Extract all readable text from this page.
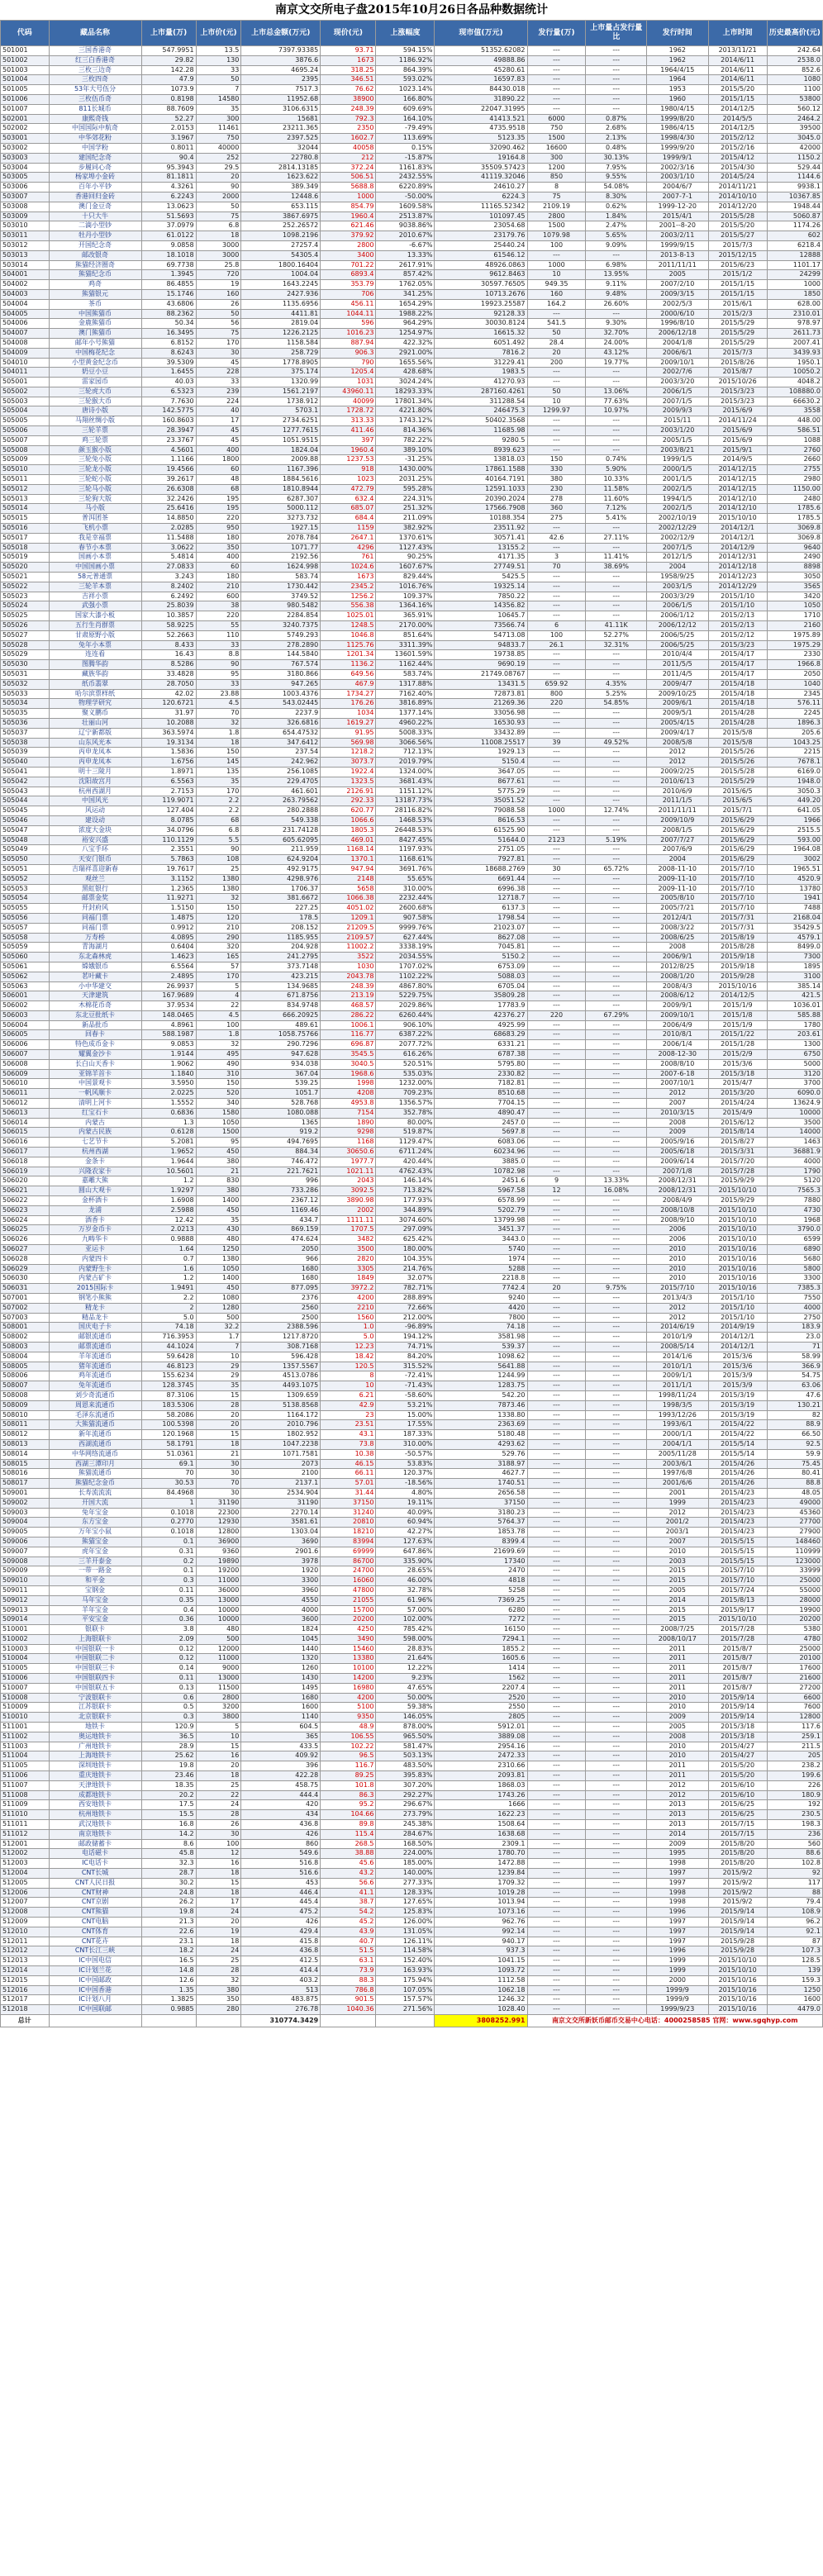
南京文交所电子盘2015年10月26日各品种数据统计
代码	藏品名称	上市量(万)	上市价(元)	上市总金额(万元)	现价(元)	上涨幅度	现市值(万元)	发行量(万)	上市量占发行量比	发行时间	上市时间	历史最高价(元)
501001	三国香港奇	547.9951	13.5	7397.93385	93.71	594.15%	51352.62082	---	---	1962	2013/11/21	242.64
501002	红三白香港奇	29.82	130	3876.6	1673	1186.92%	49888.86	---	---	1962	2014/6/11	2538.0
501003	三枚三边奇	142.28	33	4695.24	318.25	864.39%	45280.61	---	---	1964/4/15	2014/6/11	852.6
501004	三枚四奇	47.9	50	2395	346.51	593.02%	16597.83	---	---	1964	2014/6/11	1080
501005	53年大号伍分	1073.9	7	7517.3	76.62	1023.14%	84430.018	---	---	1953	2015/5/20	1100
501006	三枚伍币奇	0.8198	14580	11952.68	38900	166.80%	31890.22	---	---	1960	2015/1/15	53800
501007	811长城币	88.7609	35	3106.6315	248.39	609.69%	22047.31995	---	---	1980/4/15	2014/12/5	560.12
502001	康熙奇钱	52.27	300	15681	792.3	164.10%	41413.521	6000	0.87%	1999/8/20	2014/5/5	2464.2
502002	中国国际中航奇	2.0153	11461	23211.365	2350	-79.49%	4735.9518	750	2.68%	1986/4/15	2014/12/5	39500
503001	中华郊花粉	3.1967	750	2397.525	1602.7	113.69%	5123.35	1500	2.13%	1998/4/30	2015/2/12	3045.0
503002	中国学粉	0.8011	40000	32044	40058	0.15%	32090.462	16600	0.48%	1999/9/20	2015/2/16	42000
503003	建国纪念奇	90.4	252	22780.8	212	-15.87%	19164.8	300	30.13%	1999/9/1	2015/4/12	1150.2
503004	步履同心奇	95.3943	29.5	2814.13185	372.24	1161.83%	35509.57423	1200	7.95%	2002/3/16	2015/4/30	529.44
503005	杨家埠小金砖	81.1811	20	1623.622	506.51	2432.55%	41119.32046	850	9.55%	2003/1/10	2014/5/24	1144.6
503006	百年小平钞	4.3261	90	389.349	5688.8	6220.89%	24610.27	8	54.08%	2004/6/7	2014/11/21	9938.1
503007	香港回归金砖	6.2243	2000	12448.6	1000	-50.00%	6224.3	75	8.30%	2007-7-1	2014/10/10	10367.85
503008	澳门金豆奇	13.0623	50	653.115	854.79	1609.58%	11165.52342	2109.19	0.62%	1999-12-20	2014/12/20	1948.44
503009	十只大牛	51.5693	75	3867.6975	1960.4	2513.87%	101097.45	2800	1.84%	2015/4/1	2015/5/28	5060.87
503010	二滴小型钞	37.0979	6.8	252.26572	621.46	9038.86%	23054.68	1500	2.47%	2001--8-20	2015/5/20	1174.26
503011	牡丹小型钞	61.0122	18	1098.2196	379.92	2010.67%	23179.76	1079.98	5.65%	2003/2/11	2015/5/27	602
503012	开国纪念奇	9.0858	3000	27257.4	2800	-6.67%	25440.24	100	9.09%	1999/9/15	2015/7/3	6218.4
503013	邮改银奇	18.1018	3000	54305.4	3400	13.33%	61546.12	---	---	2013-8-13	2015/12/15	12888
503014	熊猫经济圈奇	69.7738	25.8	1800.16404	701.22	2617.91%	48926.0863	1000	6.98%	2011/11/11	2015/6/23	1101.17
504001	熊猫纪念币	1.3945	720	1004.04	6893.4	857.42%	9612.8463	10	13.95%	2005	2015/1/2	24299
504002	鸡奇	86.4855	19	1643.2245	353.79	1762.05%	30597.76505	949.35	9.11%	2007/2/10	2015/1/15	1000
504003	熊猫银元	15.1746	160	2427.936	706	341.25%	10713.2676	160	9.48%	2009/3/15	2015/1/15	1850
504004	茶币	43.6806	26	1135.6956	456.11	1654.29%	19923.25587	164.2	26.60%	2002/5/3	2015/6/1	628.00
504005	中国熊猫币	88.2362	50	4411.81	1044.11	1988.22%	92128.33	---	---	2000/6/10	2015/2/3	2310.01
504006	金鹿熊猫币	50.34	56	2819.04	596	964.29%	30030.8124	541.5	9.30%	1996/8/10	2015/5/29	978.97
504007	澳门熊猫币	16.3495	75	1226.2125	1016.23	1254.97%	16615.32	50	32.70%	2006/12/18	2015/5/29	2611.73
504008	邮年小号熊猫	6.8152	170	1158.584	887.94	422.32%	6051.492	28.4	24.00%	2004/1/8	2015/5/29	2007.41
504009	中国梅花纪念	8.6243	30	258.729	906.3	2921.00%	7816.2	20	43.12%	2006/6/1	2015/7/3	3439.93
504010	小型黄金纪念币	39.5309	45	1778.8905	790	1655.56%	31229.41	200	19.77%	2009/10/1	2015/8/26	1950.1
504011	奶豆小豆	1.6455	228	375.174	1205.4	428.68%	1983.5	---	---	2002/7/6	2015/8/7	10050.2
505001	雷家园币	40.03	33	1320.99	1031	3024.24%	41270.93	---	---	2003/3/20	2015/10/26	4048.2
505002	三轮虎大币	6.5323	239	1561.2197	43960.11	18293.33%	287160.4261	50	13.06%	2006/1/5	2015/3/23	108880.0
505003	三轮猴大币	7.7630	224	1738.912	40099	17801.34%	311288.54	10	77.63%	2007/1/5	2015/3/23	66630.2
505004	唐诗小版	142.5775	40	5703.1	1728.72	4221.80%	246475.3	1299.97	10.97%	2009/9/3	2015/6/9	3558
505005	马翔丝绸小版	160.8603	17	2734.6251	313.33	1743.12%	50402.3568	---	---	2015/11	2014/11/24	448.00
505006	三轮羊票	28.3947	45	1277.7615	411.46	814.36%	11685.98	---	---	2003/1/20	2015/6/9	586.51
505007	鸡三轮票	23.3767	45	1051.9515	397	782.22%	9280.5	---	---	2005/1/5	2015/6/9	1088
505008	颜玉猴小版	4.5601	400	1824.04	1960.4	389.10%	8939.623	---	---	2003/8/21	2015/9/1	2760
505009	三轮兔小版	1.1166	1800	2009.88	1237.53	-31.25%	13818.03	150	0.74%	1999/1/5	2014/9/5	2660
505010	三轮龙小版	19.4566	60	1167.396	918	1430.00%	17861.1588	330	5.90%	2000/1/5	2014/12/15	2755
505011	三轮蛇小版	39.2617	48	1884.5616	1023	2031.25%	40164.7191	380	10.33%	2001/1/5	2014/12/15	2980
505012	三轮马小版	26.6308	68	1810.8944	472.79	595.28%	12591.1033	230	11.58%	2002/1/5	2014/12/15	1150.00
505013	三轮狗大版	32.2426	195	6287.307	632.4	224.31%	20390.2024	278	11.60%	1994/1/5	2014/12/10	2480
505014	马小版	25.6416	195	5000.112	685.07	251.32%	17566.7908	360	7.12%	2002/1/5	2014/12/10	1785.6
505015	普洱团茶	14.8850	220	3273.732	684.4	211.09%	10188.354	275	5.41%	2002/10/19	2015/10/10	1785.5
505016	飞机小票	2.0285	950	1927.15	1159	382.92%	23511.92	---	---	2002/12/29	2014/12/1	3069.8
505017	我是幸福票	11.5488	180	2078.784	2647.1	1370.61%	30571.41	42.6	27.11%	2002/12/9	2014/12/1	3069.8
505018	春节小本票	3.0622	350	1071.77	4296	1127.43%	13155.2	---	---	2007/1/5	2014/12/9	9640
505019	国画小本票	5.4814	400	2192.56	761	90.25%	4171.35	3	11.41%	2012/1/5	2014/12/31	2490
505020	中国国画小票	27.0833	60	1624.998	1024.6	1607.67%	27749.51	70	38.69%	2004	2014/12/18	8898
505021	58元普通票	3.243	180	583.74	1673	829.44%	5425.5	---	---	1958/9/25	2014/12/23	3050
505022	三轮羊本票	8.2402	210	1730.442	2345.2	1016.76%	19325.14	---	---	2003/1/5	2014/12/29	3565
505023	吉祥小票	6.2492	600	3749.52	1256.2	109.37%	7850.22	---	---	2003/3/29	2015/1/10	3420
505024	武强小票	25.8039	38	980.5482	556.38	1364.16%	14356.82	---	---	2006/1/5	2015/1/10	1050
505025	国家大漆小板	10.3857	220	2284.854	1025.01	365.91%	10645.7	---	---	2006/1/12	2015/2/13	1710
505026	五行生肖群票	58.9225	55	3240.7375	1248.5	2170.00%	73566.74	6	41.11K	2006/12/12	2015/2/13	2160
505027	甘肃原野小版	52.2663	110	5749.293	1046.8	851.64%	54713.08	100	52.27%	2006/5/25	2015/2/12	1975.89
505028	兔年小本票	8.433	33	278.2890	1125.76	3311.39%	94833.7	26.1	32.31%	2006/5/25	2015/3/23	1975.29
505029	连连看	16.43	8.8	144.5840	1201.34	13601.59%	19738.85	---	---	2010/4/4	2015/4/17	2330
505030	图腾华韵	8.5286	90	767.574	1136.2	1162.44%	9690.19	---	---	2011/5/5	2015/4/17	1966.8
505031	藏族华韵	33.4828	95	3180.866	649.56	583.74%	21749.08767	---	---	2011/4/5	2015/4/17	2050
505032	纸币翡翠	28.7050	33	947.265	467.9	1317.88%	13431.5	659.92	4.35%	2009/4/7	2015/4/18	1040
505033	哈尔滨票样纸	42.02	23.88	1003.4376	1734.27	7162.40%	72873.81	800	5.25%	2009/10/25	2015/4/18	2345
505034	物理学研究	120.6721	4.5	543.02445	176.26	3816.89%	21269.36	220	54.85%	2009/6/1	2015/4/18	576.11
505035	聚义鹏币	31.97	70	2237.9	1034	1377.14%	33056.98	---	---	2009/5/1	2015/4/28	2245
505036	壮丽山河	10.2088	32	326.6816	1619.27	4960.22%	16530.93	---	---	2005/4/15	2015/4/28	1896.3
505037	辽宁新都版	363.5974	1.8	654.47532	91.95	5008.33%	33432.89	---	---	2009/4/17	2015/5/8	205.6
505038	山东风光本	19.3134	18	347.6412	569.98	3066.56%	11008.25517	39	49.52%	2008/5/8	2015/5/8	1043.25
505039	丙申龙凤本	1.5836	150	237.54	1218.2	712.13%	1929.13	---	---	2012	2015/5/26	2215
505040	丙申龙凤本	1.6756	145	242.962	3073.7	2019.79%	5150.4	---	---	2012	2015/5/26	7678.1
505041	明十三陵月	1.8971	135	256.1085	1922.4	1324.00%	3647.05	---	---	2009/2/25	2015/5/28	6169.0
505042	沈阳故宫月	6.5563	35	229.4705	1323.5	3681.43%	8677.61	---	---	2010/6/13	2015/5/29	1948.0
505043	杭州西湖月	2.7153	170	461.601	2126.91	1151.12%	5775.29	---	---	2010/6/9	2015/6/5	3050.3
505044	中国风光	119.9071	2.2	263.79562	292.33	13187.73%	35051.52	---	---	2011/1/5	2015/6/5	449.20
505045	风运动	127.404	2.2	280.2888	620.77	28116.82%	79088.58	1000	12.74%	2011/11/11	2015/7/1	641.05
505046	建设动	8.0785	68	549.338	1066.6	1468.53%	8616.53	---	---	2009/10/9	2015/6/29	1966
505047	浓度大金块	34.0796	6.8	231.74128	1805.3	26448.53%	61525.90	---	---	2008/1/5	2015/6/29	2515.5
505048	裕安兴盛	110.1129	5.5	605.62095	469.01	8427.45%	51644.0	2123	5.19%	2007/7/27	2015/6/29	593.00
505049	八宝手环	2.3551	90	211.959	1168.14	1197.93%	2751.05	---	---	2007/6/9	2015/6/29	1964.08
505050	天安门银币	5.7863	108	624.9204	1370.1	1168.61%	7927.81	---	---	2004	2015/6/29	3002
505051	吉瑞祥喜迎新春	19.7617	25	492.9175	947.94	3691.76%	18688.2769	30	65.72%	2008-11-10	2015/7/10	1965.51
505052	观丝兰	3.1152	1380	4298.976	2148	55.65%	6691.44	---	---	2009-11-10	2015/7/10	4520.9
505053	黑虹银行	1.2365	1380	1706.37	5658	310.00%	6996.38	---	---	2009-11-10	2015/7/10	13780
505054	邮票金奖	11.9271	32	381.6672	1066.38	2232.44%	12718.7	---	---	2005/8/10	2015/7/10	1941
505055	开封府风	1.5150	150	227.25	4051.02	2600.68%	6137.3	---	---	2005/7/21	2015/7/10	7488
505056	同福门票	1.4875	120	178.5	1209.1	907.58%	1798.54	---	---	2012/4/1	2015/7/31	2168.04
505057	同福门票	0.9912	210	208.152	21209.5	9999.76%	21023.07	---	---	2008/3/22	2015/7/31	35429.5
505058	万寿桥	4.0895	290	1185.955	2109.57	627.44%	8627.08	---	---	2008/6/25	2015/8/19	4579.1
505059	青海湖月	0.6404	320	204.928	11002.2	3338.19%	7045.81	---	---	2008	2015/8/28	8499.0
505060	东北森林虎	1.4623	165	241.2795	3522	2034.55%	5150.2	---	---	2006/9/1	2015/9/18	7300
505061	嫦娥银币	6.5564	57	373.7148	1030	1707.02%	6753.09	---	---	2012/8/25	2015/9/18	1895
505062	茗叶藏卡	2.4895	170	423.215	2043.78	1102.22%	5088.03	---	---	2008/1/20	2015/9/28	3100
505063	小中华建交	26.9937	5	134.9685	248.39	4867.80%	6705.04	---	---	2008/4/3	2015/10/16	385.14
506001	天津建筑	167.9689	4	671.8756	213.19	5229.75%	35809.28	---	---	2008/6/12	2014/12/5	421.5
506002	木棉花币奇	37.9534	22	834.9748	468.57	2029.86%	17783.9	---	---	2009/9/1	2015/1/9	1036.01
506003	东北豆批纸卡	148.0465	4.5	666.20925	286.22	6260.44%	42376.27	220	67.29%	2009/10/1	2015/1/8	585.88
506004	新品批币	4.8961	100	489.61	1006.1	906.10%	4925.99	---	---	2006/4/9	2015/1/9	1780
506005	回春卡	588.1987	1.8	1058.75766	116.77	6387.22%	68683.29	---	---	2010/8/1	2015/1/22	203.61
506006	特色成币金卡	9.0853	32	290.7296	696.87	2077.72%	6331.21	---	---	2006/1/4	2015/1/28	1300
506007	耀翼金沙卡	1.9144	495	947.628	3545.5	616.26%	6787.38	---	---	2008-12-30	2015/2/9	6750
506008	长白山天香卡	1.9062	490	934.038	3040.5	520.51%	5795.80	---	---	2008/8/10	2015/3/6	5000
506009	亚锦羊首卡	1.1840	310	367.04	1968.6	535.03%	2330.82	---	---	2007-6-18	2015/3/18	3120
506010	中国景观卡	3.5950	150	539.25	1998	1232.00%	7182.81	---	---	2007/10/1	2015/4/7	3700
506011	一帆风顺卡	2.0225	520	1051.7	4208	709.23%	8510.68	---	---	2012	2015/3/20	6090.0
506012	清明上河卡	1.5552	340	528.768	4953.8	1356.57%	7704.15	---	---	2007	2015/4/24	13624.9
506013	红宝石卡	0.6836	1580	1080.088	7154	352.78%	4890.47	---	---	2010/3/15	2015/4/9	10000
506014	内蒙古	1.3	1050	1365	1890	80.00%	2457.0	---	---	2008	2015/6/12	3500
506015	内蒙古民族	0.6128	1500	919.2	9298	519.87%	5697.8	---	---	2009	2015/8/14	14000
506016	七艺节卡	5.2081	95	494.7695	1168	1129.47%	6083.06	---	---	2005/9/16	2015/8/27	1463
506017	杭州西湖	1.9652	450	884.34	30650.6	6711.24%	60234.96	---	---	2005/6/18	2015/3/31	36881.9
506018	金条卡	1.9644	380	746.472	1977.7	420.44%	3885.0	---	---	2009/6/14	2015/7/20	4000
506019	兴隆农家卡	10.5601	21	221.7621	1021.11	4762.43%	10782.98	---	---	2007/1/8	2015/7/28	1790
506020	嘉雕大熊	1.2	830	996	2043	146.14%	2451.6	9	13.33%	2008/12/31	2015/9/29	5120
506021	圆山大观卡	1.9297	380	733.286	3092.5	713.82%	5967.58	12	16.08%	2008/12/31	2015/10/10	7565.3
506022	金杯酒卡	1.6908	1400	2367.12	3890.98	177.93%	6578.99	---	---	2008/4/9	2015/9/29	7880
506023	龙浦	2.5988	450	1169.46	2002	344.89%	5202.79	---	---	2008/10/8	2015/10/10	4730
506024	酒香卡	12.42	35	434.7	1111.11	3074.60%	13799.98	---	---	2008/9/10	2015/10/10	1968
506025	万岁金币卡	2.0213	430	869.159	1707.5	297.09%	3451.37	---	---	2006	2015/10/10	3790.0
506026	九畴华卡	0.9888	480	474.624	3482	625.42%	3443.0	---	---	2006	2015/10/10	6599
506027	亚运卡	1.64	1250	2050	3500	180.00%	5740	---	---	2010	2015/10/16	6890
506028	内蒙四卡	0.7	1380	966	2820	104.35%	1974	---	---	2010	2015/10/16	5680
506029	内蒙野生卡	1.6	1050	1680	3305	214.76%	5288	---	---	2010	2015/10/16	5800
506030	内蒙古矿卡	1.2	1400	1680	1849	32.07%	2218.8	---	---	2010	2015/10/16	3300
506031	2015国际卡	1.9491	450	877.095	3972.2	782.71%	7742.4	20	9.75%	2015/7/10	2015/10/16	7385.3
507001	钢笔小熊熊	2.2	1080	2376	4200	288.89%	9240	---	---	2013/4/3	2015/1/10	7550
507002	精龙卡	2	1280	2560	2210	72.66%	4420	---	---	2012	2015/1/10	4000
507003	精品龙卡	5.0	500	2500	1560	212.00%	7800	---	---	2012	2015/1/10	2750
508001	国庆电子卡	74.18	32.2	2388.596	1.0	-96.89%	74.18	---	---	2014/6/19	2014/9/19	183.9
508002	邮银流通币	716.3953	1.7	1217.8720	5.0	194.12%	3581.98	---	---	2010/1/9	2014/12/1	23.0
508003	邮票流通币	44.1024	7	308.7168	12.23	74.71%	539.37	---	---	2008/5/14	2014/12/1	71
508004	羊年流通币	59.6428	10	596.428	18.42	84.20%	1098.62	---	---	2014/1/6	2015/3/6	58.99
508005	猪年流通币	46.8123	29	1357.5567	120.5	315.52%	5641.88	---	---	2010/1/1	2015/3/6	366.9
508006	鸡年流通币	155.6234	29	4513.0786	8	-72.41%	1244.99	---	---	2009/1/1	2015/3/9	54.75
508007	兔年流通币	128.3745	35	4493.1075	10	-71.43%	1283.75	---	---	2011/1/1	2015/3/9	63.06
508008	刘少奇流通币	87.3106	15	1309.659	6.21	-58.60%	542.20	---	---	1998/11/24	2015/3/19	47.6
508009	周恩来流通币	183.5306	28	5138.8568	42.9	53.21%	7873.46	---	---	1998/3/5	2015/3/19	130.21
508010	毛泽东流通币	58.2086	20	1164.172	23	15.00%	1338.80	---	---	1993/12/26	2015/3/19	82
508011	大熊猫流通币	100.5398	20	2010.796	23.51	17.55%	2363.69	---	---	1993/6/1	2015/4/22	88.9
508012	新年流通币	120.1968	15	1802.952	43.1	187.33%	5180.48	---	---	2000/1/1	2015/4/22	66.50
508013	西湖流通币	58.1791	18	1047.2238	73.8	310.00%	4293.62	---	---	2004/1/1	2015/5/14	92.5
508014	中华网络流通币	51.0361	21	1071.7581	10.38	-50.57%	529.76	---	---	2005/11/28	2015/5/14	59.9
508015	西湖三潭印月	69.1	30	2073	46.15	53.83%	3188.97	---	---	2003/6/1	2015/4/26	75.45
508016	熊猫流通币	70	30	2100	66.11	120.37%	4627.7	---	---	1997/6/8	2015/4/26	80.41
508017	熊猫纪念金币	30.53	70	2137.1	57.01	-18.56%	1740.51	---	---	2001/6/6	2015/4/26	88.8
509001	长寿流流流	84.4968	30	2534.904	31.44	4.80%	2656.58	---	---	2001	2015/4/23	48.05
509002	开国大流	1	31190	31190	37150	19.11%	37150	---	---	1999	2015/4/23	49000
509003	兔年宝金	0.1018	22300	2270.14	31240	40.09%	3180.23	---	---	2012	2015/4/23	45360
509004	东方宝金	0.2770	12930	3581.61	20810	60.94%	5764.37	---	---	2001/2	2015/4/23	27700
509005	万年宝小鼠	0.1018	12800	1303.04	18210	42.27%	1853.78	---	---	2003/1	2015/4/23	27900
509006	熊猫宝金	0.1	36900	3690	83994	127.63%	8399.4	---	---	2007	2015/5/15	148460
509007	虎年宝金	0.31	9360	2901.6	69999	647.86%	21699.69	---	---	2010	2015/5/15	110999
509008	三羊开泰金	0.2	19890	3978	86700	335.90%	17340	---	---	2003	2015/5/15	123000
509009	一带一路金	0.1	19200	1920	24700	28.65%	2470	---	---	2015	2015/7/10	33999
509010	和平金	0.3	11000	3300	16060	46.00%	4818	---	---	2015	2015/7/10	25000
509011	宝钢金	0.11	36000	3960	47800	32.78%	5258	---	---	2005	2015/7/24	55000
509012	马年宝金	0.35	13000	4550	21055	61.96%	7369.25	---	---	2014	2015/8/13	28000
509013	羊年宝金	0.4	10000	4000	15700	57.00%	6280	---	---	2015	2015/9/17	19900
509014	平安宝金	0.36	10000	3600	20200	102.00%	7272	---	---	2015	2015/10/10	20200
510001	银联卡	3.8	480	1824	4250	785.42%	16150	---	---	2008/7/25	2015/7/28	5380
510002	上海银联卡	2.09	500	1045	3490	598.00%	7294.1	---	---	2008/10/17	2015/7/28	4780
510003	中国银联一卡	0.12	12000	1440	15460	28.83%	1855.2	---	---	2011	2015/8/7	25000
510004	中国银联二卡	0.12	11000	1320	13380	21.64%	1605.6	---	---	2011	2015/8/7	20100
510005	中国银联三卡	0.14	9000	1260	10100	12.22%	1414	---	---	2011	2015/8/7	17600
510006	中国银联四卡	0.11	13000	1430	14200	9.23%	1562	---	---	2011	2015/8/7	21600
510007	中国银联五卡	0.13	11500	1495	16980	47.65%	2207.4	---	---	2011	2015/8/7	27200
510008	宁波银联卡	0.6	2800	1680	4200	50.00%	2520	---	---	2010	2015/9/14	6600
510009	江苏银联卡	0.5	3200	1600	5100	59.38%	2550	---	---	2010	2015/9/14	7600
510010	北京银联卡	0.3	3800	1140	9350	146.05%	2805	---	---	2009	2015/9/14	12800
511001	地铁卡	120.9	5	604.5	48.9	878.00%	5912.01	---	---	2005	2015/3/18	117.6
511002	奥运地铁卡	36.5	10	365	106.55	965.50%	3889.08	---	---	2008	2015/3/18	259.1
511003	广州地铁卡	28.9	15	433.5	102.22	581.47%	2954.16	---	---	2010	2015/4/27	211.5
511004	上海地铁卡	25.62	16	409.92	96.5	503.13%	2472.33	---	---	2010	2015/4/27	205
511005	深圳地铁卡	19.8	20	396	116.7	483.50%	2310.66	---	---	2011	2015/5/20	238.2
511006	重庆地铁卡	23.46	18	422.28	89.25	395.83%	2093.81	---	---	2011	2015/5/20	199.6
511007	天津地铁卡	18.35	25	458.75	101.8	307.20%	1868.03	---	---	2012	2015/6/10	226
511008	成都地铁卡	20.2	22	444.4	86.3	292.27%	1743.26	---	---	2012	2015/6/10	180.9
511009	西安地铁卡	17.5	24	420	95.2	296.67%	1666	---	---	2013	2015/6/25	192
511010	杭州地铁卡	15.5	28	434	104.66	273.79%	1622.23	---	---	2013	2015/6/25	230.5
511011	武汉地铁卡	16.8	26	436.8	89.8	245.38%	1508.64	---	---	2013	2015/7/15	198.3
511012	南京地铁卡	14.2	30	426	115.4	284.67%	1638.68	---	---	2014	2015/7/15	236
512001	邮政储蓄卡	8.6	100	860	268.5	168.50%	2309.1	---	---	2009	2015/8/20	560
512002	电话磁卡	45.8	12	549.6	38.88	224.00%	1780.70	---	---	1995	2015/8/20	88.6
512003	IC电话卡	32.3	16	516.8	45.6	185.00%	1472.88	---	---	1998	2015/8/20	102.8
512004	CNT长城	28.7	18	516.6	43.2	140.00%	1239.84	---	---	1997	2015/9/2	92
512005	CNT人民日报	30.2	15	453	56.6	277.33%	1709.32	---	---	1997	2015/9/2	117
512006	CNT财神	24.8	18	446.4	41.1	128.33%	1019.28	---	---	1998	2015/9/2	88
512007	CNT京剧	26.2	17	445.4	38.7	127.65%	1013.94	---	---	1998	2015/9/2	79.4
512008	CNT熊猫	19.8	24	475.2	54.2	125.83%	1073.16	---	---	1996	2015/9/14	108.9
512009	CNT电脑	21.3	20	426	45.2	126.00%	962.76	---	---	1997	2015/9/14	96.2
512010	CNT体育	22.6	19	429.4	43.9	131.05%	992.14	---	---	1997	2015/9/14	92.1
512011	CNT花卉	23.1	18	415.8	40.7	126.11%	940.17	---	---	1997	2015/9/28	87
512012	CNT长江三峡	18.2	24	436.8	51.5	114.58%	937.3	---	---	1996	2015/9/28	107.3
512013	IC中国电信	16.5	25	412.5	63.1	152.40%	1041.15	---	---	1999	2015/10/10	128.5
512014	IC计划兰花	14.8	28	414.4	73.9	163.93%	1093.72	---	---	1999	2015/10/10	139
512015	IC中国邮政	12.6	32	403.2	88.3	175.94%	1112.58	---	---	2000	2015/10/16	159.3
512016	IC中国香港	1.35	380	513	786.8	107.05%	1062.18	---	---	1999/9	2015/10/16	1250
512017	IC计划八月	1.3825	350	483.875	901.5	157.57%	1246.32	---	---	1999/9	2015/10/16	1600
512018	IC中国联邮	0.9885	280	276.78	1040.36	271.56%	1028.40	---	---	1999/9/23	2015/10/16	4479.0
总计				310774.3429			3808252.991	南京文交所新妖币邮币交易中心电话：4000258585 官网：www.sgqhyp.com				
